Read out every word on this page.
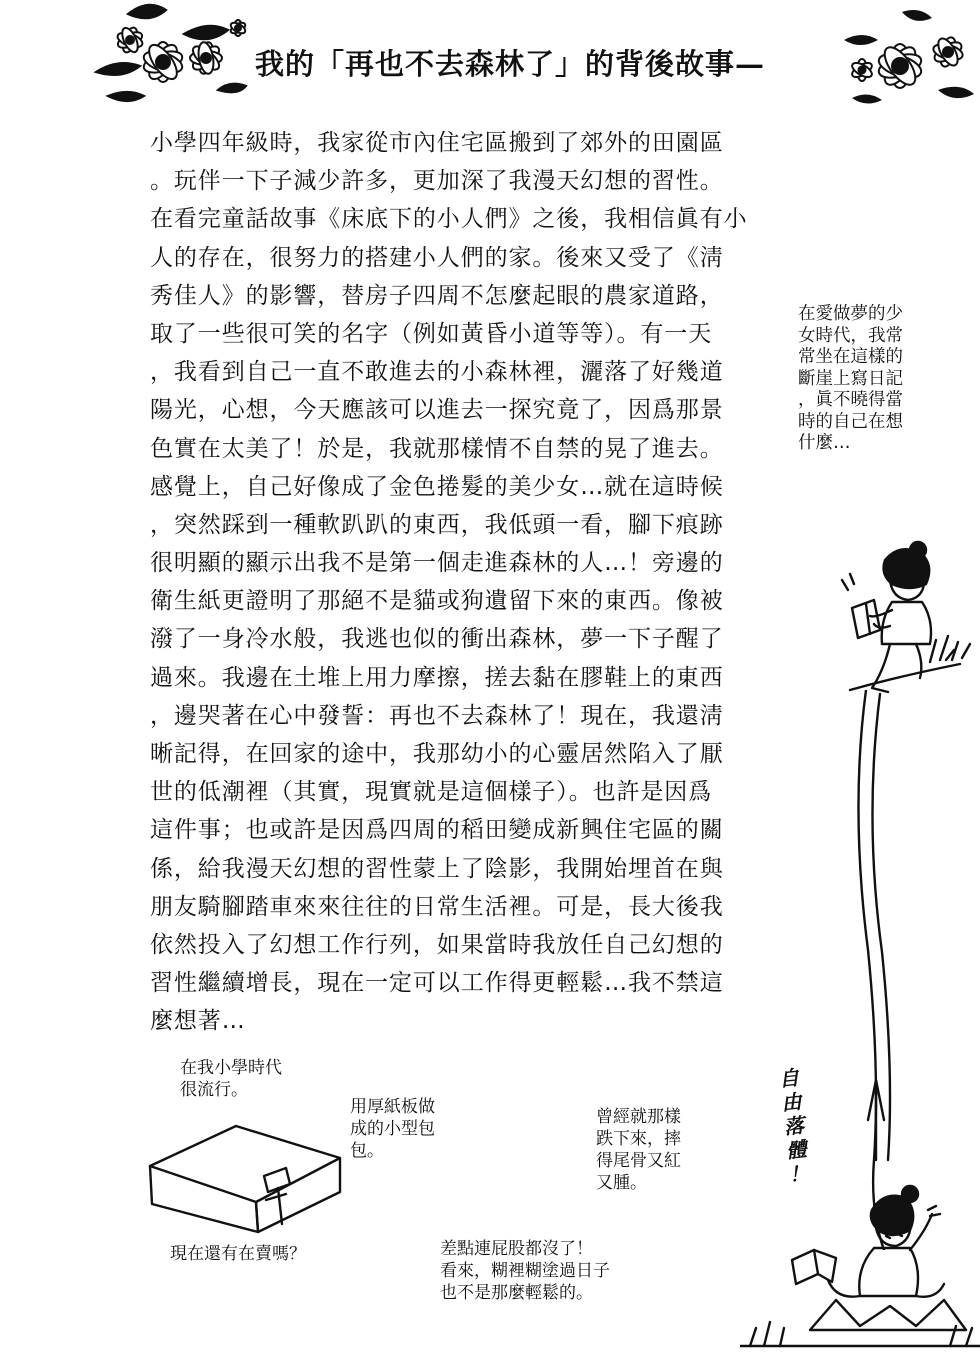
我的「再也不去森林了」的背後故事—
小學四年級時，我家從市內住宅區搬到了郊外的田園區
。玩伴一下子減少許多，更加深了我漫天幻想的習性。
在看完童話故事《床底下的小人們》之後，我相信眞有小
人的存在，很努力的搭建小人們的家。後來又受了《淸
秀佳人》的影響，替房子四周不怎麼起眼的農家道路，
取了一些很可笑的名字（例如黃昏小道等等）。有一天
，我看到自己一直不敢進去的小森林裡，灑落了好幾道
陽光，心想，今天應該可以進去一探究竟了，因爲那景
色實在太美了！於是，我就那樣情不自禁的晃了進去。
感覺上，自己好像成了金色捲髮的美少女…就在這時候
，突然踩到一種軟趴趴的東西，我低頭一看，腳下痕跡
很明顯的顯示出我不是第一個走進森林的人…！旁邊的
衛生紙更證明了那絕不是貓或狗遺留下來的東西。像被
潑了一身冷水般，我逃也似的衝出森林，夢一下子醒了
過來。我邊在土堆上用力摩擦，搓去黏在膠鞋上的東西
，邊哭著在心中發誓：再也不去森林了！現在，我還淸
晰記得，在回家的途中，我那幼小的心靈居然陷入了厭
世的低潮裡（其實，現實就是這個樣子）。也許是因爲
這件事；也或許是因爲四周的稻田變成新興住宅區的關
係，給我漫天幻想的習性蒙上了陰影，我開始埋首在與
朋友騎腳踏車來來往往的日常生活裡。可是，長大後我
依然投入了幻想工作行列，如果當時我放任自己幻想的
習性繼續增長，現在一定可以工作得更輕鬆…我不禁這
麼想著…
在愛做夢的少
女時代，我常
常坐在這樣的
斷崖上寫日記
，眞不曉得當
時的自己在想
什麼…
自
由
落
體
！
在我小學時代
很流行。
用厚紙板做
成的小型包
包。
曾經就那樣
跌下來，摔
得尾骨又紅
又腫。
現在還有在賣嗎？	差點連屁股都沒了！
看來，糊裡糊塗過日子
也不是那麼輕鬆的。
